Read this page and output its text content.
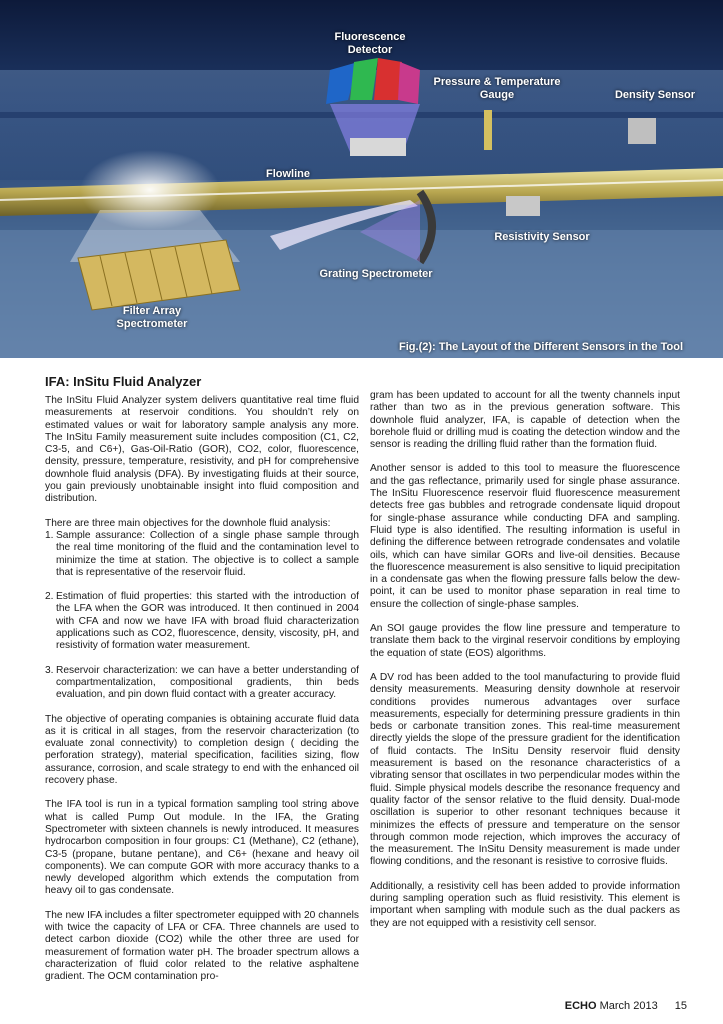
Fluorescence
Detector
Pressure & Temperature
Gauge	Density Sensor
Flowline
Resistivity Sensor
Grating Spectrometer
Filter Array
Spectrometer
Fig.(2): The Layout of the Different Sensors in the Tool
IFA: InSitu Fluid Analyzer

The InSitu Fluid Analyzer system delivers quantitative real time fluid measurements at reservoir conditions. You shouldn’t rely on estimated values or wait for laboratory sample analysis any more. The InSitu Family measurement suite includes composition (C1, C2, C3-5, and C6+), Gas-Oil-Ratio (GOR), CO2, color, fluorescence, density, pressure, temperature, resistivity, and pH for comprehensive downhole fluid analysis (DFA). By investigating fluids at their source, you gain previously unobtainable insight into fluid composition and distribution.

There are three main objectives for the downhole fluid analysis:

1. Sample assurance: Collection of a single phase sample through the real time monitoring of the fluid and the contamination level to minimize the time at station. The objective is to collect a sample that is representative of the reservoir fluid.
2. Estimation of fluid properties: this started with the introduction of the LFA when the GOR was introduced. It then continued in 2004 with CFA and now we have IFA with broad fluid characterization applications such as CO2, fluorescence, density, viscosity, pH, and resistivity of formation water measurement.
3. Reservoir characterization: we can have a better understanding of compartmentalization, compositional gradients, thin beds evaluation, and pin down fluid contact with a greater accuracy.

The objective of operating companies is obtaining accurate fluid data as it is critical in all stages, from the reservoir characterization (to evaluate zonal connectivity) to completion design ( deciding the perforation strategy), material specification, facilities sizing, flow assurance, corrosion, and scale strategy to end with the enhanced oil recovery phase.

The IFA tool is run in a typical formation sampling tool string above what is called Pump Out module. In the IFA, the Grating Spectrometer with sixteen channels is newly introduced. It measures hydrocarbon composition in four groups: C1 (Methane), C2 (ethane), C3-5 (propane, butane pentane), and C6+ (hexane and heavy oil components). We can compute GOR with more accuracy thanks to a newly developed algorithm which extends the computation from heavy oil to gas condensate.

The new IFA includes a filter spectrometer equipped with 20 channels with twice the capacity of LFA or CFA. Three channels are used to detect carbon dioxide (CO2) while the other three are used for measurement of formation water pH. The broader spectrum allows a characterization of fluid color related to the relative asphaltene gradient. The OCM contamination pro-

gram has been updated to account for all the twenty channels input rather than two as in the previous generation software. This downhole fluid analyzer, IFA, is capable of detection when the borehole fluid or drilling mud is coating the detection window and the sensor is reading the drilling fluid rather than the formation fluid.

Another sensor is added to this tool to measure the fluorescence and the gas reflectance, primarily used for single phase assurance. The InSitu Fluorescence reservoir fluid fluorescence measurement detects free gas bubbles and retrograde condensate liquid dropout for single-phase assurance while conducting DFA and sampling. Fluid type is also identified. The resulting information is useful in defining the difference between retrograde condensates and volatile oils, which can have similar GORs and live-oil densities. Because the fluorescence measurement is also sensitive to liquid precipitation in a condensate gas when the flowing pressure falls below the dew-point, it can be used to monitor phase separation in real time to ensure the collection of single-phase samples.

An SOI gauge provides the flow line pressure and temperature to translate them back to the virginal reservoir conditions by employing the equation of state (EOS) algorithms.

A DV rod has been added to the tool manufacturing to provide fluid density measurements. Measuring density downhole at reservoir conditions provides numerous advantages over surface measurements, especially for determining pressure gradients in thin beds or carbonate transition zones. This real-time measurement directly yields the slope of the pressure gradient for the identification of fluid contacts. The InSitu Density reservoir fluid density measurement is based on the resonance characteristics of a vibrating sensor that oscillates in two perpendicular modes within the fluid. Simple physical models describe the resonance frequency and quality factor of the sensor relative to the fluid density. Dual-mode oscillation is superior to other resonant techniques because it minimizes the effects of pressure and temperature on the sensor through common mode rejection, which improves the accuracy of the measurement. The InSitu Density measurement is made under flowing conditions, and the resonant is resistive to corrosive fluids.

Additionally, a resistivity cell has been added to provide information during sampling operation such as fluid resistivity. This element is important when sampling with module such as the dual packers as they are not equipped with a resistivity cell sensor.

ECHO March 2013 15
